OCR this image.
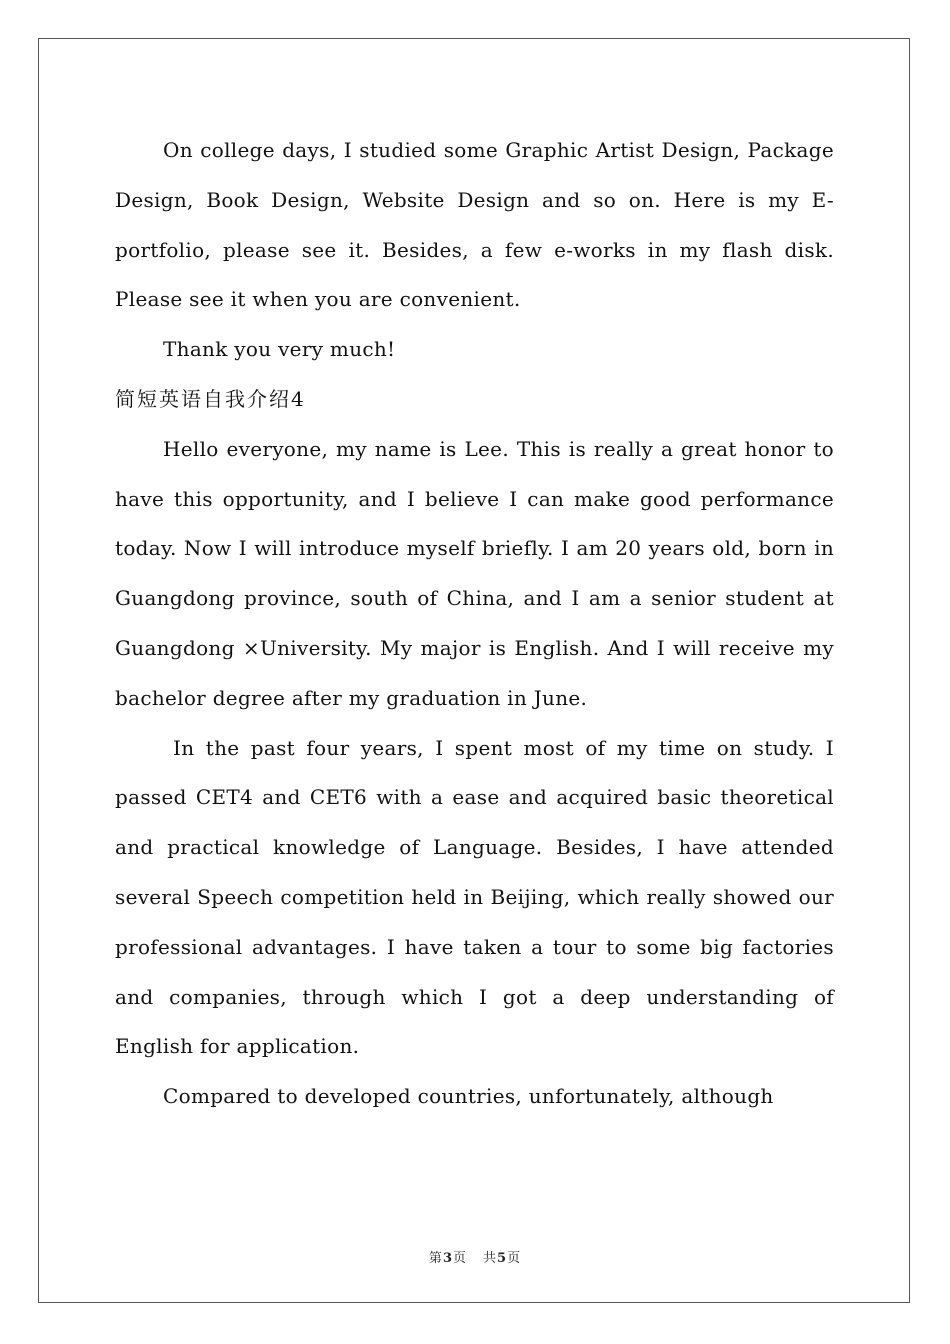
On college days, I studied some Graphic Artist Design, Package Design, Book Design, Website Design and so on. Here is my E-portfolio, please see it. Besides, a few e-works in my flash disk. Please see it when you are convenient.

Thank you very much!

简短英语自我介绍4

Hello everyone, my name is Lee. This is really a great honor to have this opportunity, and I believe I can make good performance today. Now I will introduce myself briefly. I am 20 years old, born in Guangdong province, south of China, and I am a senior student at Guangdong ×University. My major is English. And I will receive my bachelor degree after my graduation in June.

In the past four years, I spent most of my time on study. I passed CET4 and CET6 with a ease and acquired basic theoretical and practical knowledge of Language. Besides, I have attended several Speech competition held in Beijing, which really showed our professional advantages. I have taken a tour to some big factories and companies, through which I got a deep understanding of English for application.

Compared to developed countries, unfortunately, although

第3页 共5页
